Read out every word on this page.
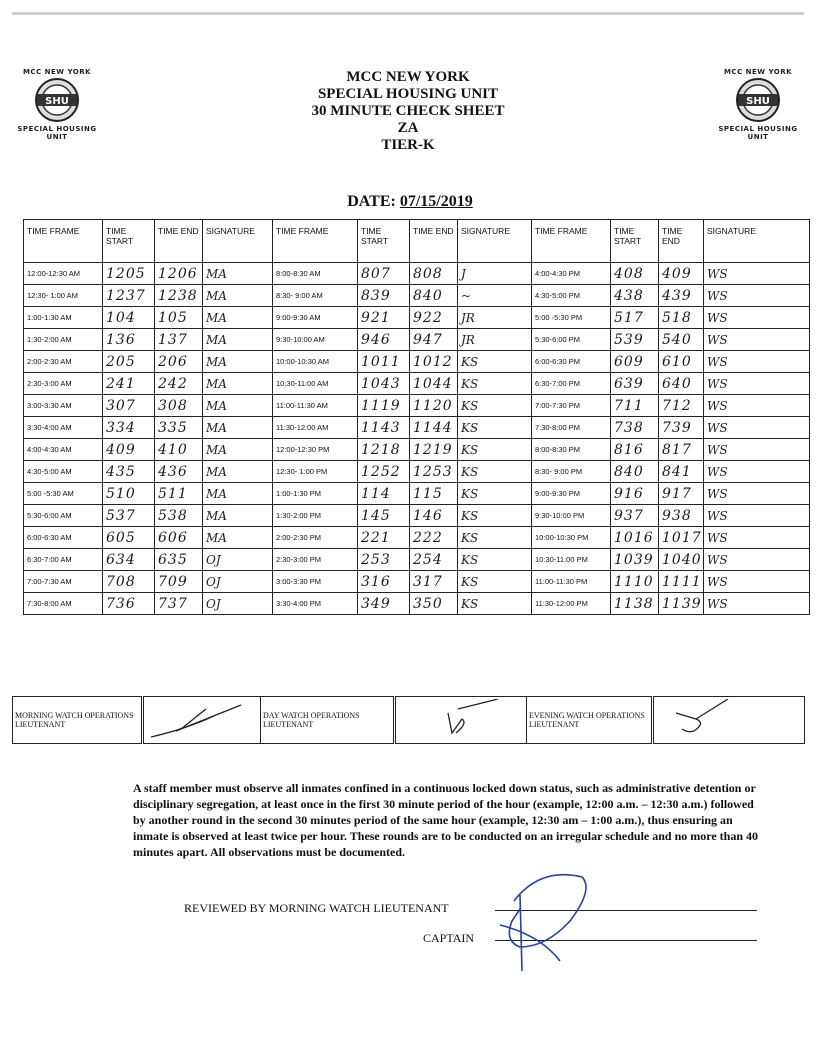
MCC NEW YORK
SHU
SPECIAL HOUSING UNIT
MCC NEW YORK
SHU
SPECIAL HOUSING UNIT
MCC NEW YORK
SPECIAL HOUSING UNIT
30 MINUTE CHECK SHEET
ZA
TIER-K
DATE: 07/15/2019
TIME FRAME	TIME START	TIME END	SIGNATURE	TIME FRAME	TIME START	TIME END	SIGNATURE	TIME FRAME	TIME START	TIME END	SIGNATURE
12:00-12:30 AM	1205	1206	MA	8:00-8:30 AM	807	808	J	4:00-4:30 PM	408	409	WS
12:30- 1:00 AM	1237	1238	MA	8:30- 9:00 AM	839	840	~	4:30-5:00 PM	438	439	WS
1:00-1:30 AM	104	105	MA	9:00-9:30 AM	921	922	JR	5:00 -5:30 PM	517	518	WS
1:30-2:00 AM	136	137	MA	9:30-10:00 AM	946	947	JR	5:30-6:00 PM	539	540	WS
2:00-2:30 AM	205	206	MA	10:00-10:30 AM	1011	1012	KS	6:00-6:30 PM	609	610	WS
2:30-3:00 AM	241	242	MA	10:30-11:00 AM	1043	1044	KS	6:30-7:00 PM	639	640	WS
3:00-3:30 AM	307	308	MA	11:00-11:30 AM	1119	1120	KS	7:00-7:30 PM	711	712	WS
3:30-4:00 AM	334	335	MA	11:30-12:00 AM	1143	1144	KS	7:30-8:00 PM	738	739	WS
4:00-4:30 AM	409	410	MA	12:00-12:30 PM	1218	1219	KS	8:00-8:30 PM	816	817	WS
4:30-5:00 AM	435	436	MA	12:30- 1:00 PM	1252	1253	KS	8:30- 9:00 PM	840	841	WS
5:00 -5:30 AM	510	511	MA	1:00-1:30 PM	114	115	KS	9:00-9:30 PM	916	917	WS
5:30-6:00 AM	537	538	MA	1:30-2:00 PM	145	146	KS	9:30-10:00 PM	937	938	WS
6:00-6:30 AM	605	606	MA	2:00-2:30 PM	221	222	KS	10:00-10:30 PM	1016	1017	WS
6:30-7:00 AM	634	635	OJ	2:30-3:00 PM	253	254	KS	10:30-11:00 PM	1039	1040	WS
7:00-7:30 AM	708	709	OJ	3:00-3:30 PM	316	317	KS	11:00-11:30 PM	1110	1111	WS
7:30-8:00 AM	736	737	OJ	3:30-4:00 PM	349	350	KS	11:30-12:00 PM	1138	1139	WS
MORNING WATCH OPERATIONS LIEUTENANT		DAY WATCH OPERATIONS LIEUTENANT		EVENING WATCH OPERATIONS LIEUTENANT	
A staff member must observe all inmates confined in a continuous locked down status, such as administrative detention or disciplinary segregation, at least once in the first 30 minute period of the hour (example, 12:00 a.m. – 12:30 a.m.) followed by another round in the second 30 minutes period of the same hour (example, 12:30 am – 1:00 a.m.), thus ensuring an inmate is observed at least twice per hour. These rounds are to be conducted on an irregular schedule and no more than 40 minutes apart. All observations must be documented.
REVIEWED BY MORNING WATCH LIEUTENANT
CAPTAIN
